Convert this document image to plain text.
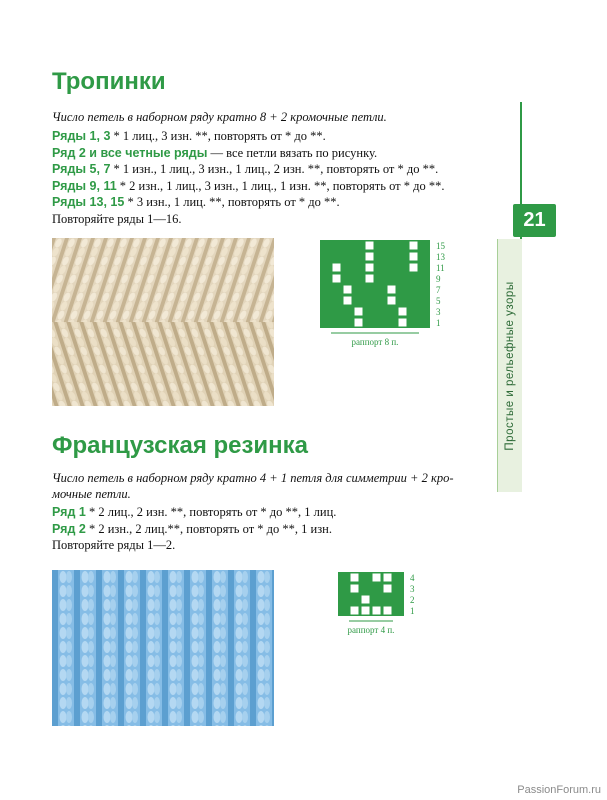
Тропинки
Число петель в наборном ряду кратно 8 + 2 кромочные петли.
Ряды 1, 3 * 1 лиц., 3 изн. **, повторять от * до **.
Ряд 2 и все четные ряды — все петли вязать по рисунку.
Ряды 5, 7 * 1 изн., 1 лиц., 3 изн., 1 лиц., 2 изн. **, повторять от * до **.
Ряды 9, 11 * 2 изн., 1 лиц., 3 изн., 1 лиц., 1 изн. **, повторять от * до **.
Ряды 13, 15 * 3 изн., 1 лиц. **, повторять от * до **.
Повторяйте ряды 1—16.
15
13
11
9
7
5
3
1
раппорт 8 п.
Французская резинка
Число петель в наборном ряду кратно 4 + 1 петля для симметрии + 2 кро-
мочные петли.
Ряд 1 * 2 лиц., 2 изн. **, повторять от * до **, 1 лиц.
Ряд 2 * 2 изн., 2 лиц.**, повторять от * до **, 1 изн.
Повторяйте ряды 1—2.
4
3
2
1
раппорт 4 п.
21
Простые и рельефные узоры
PassionForum.ru
